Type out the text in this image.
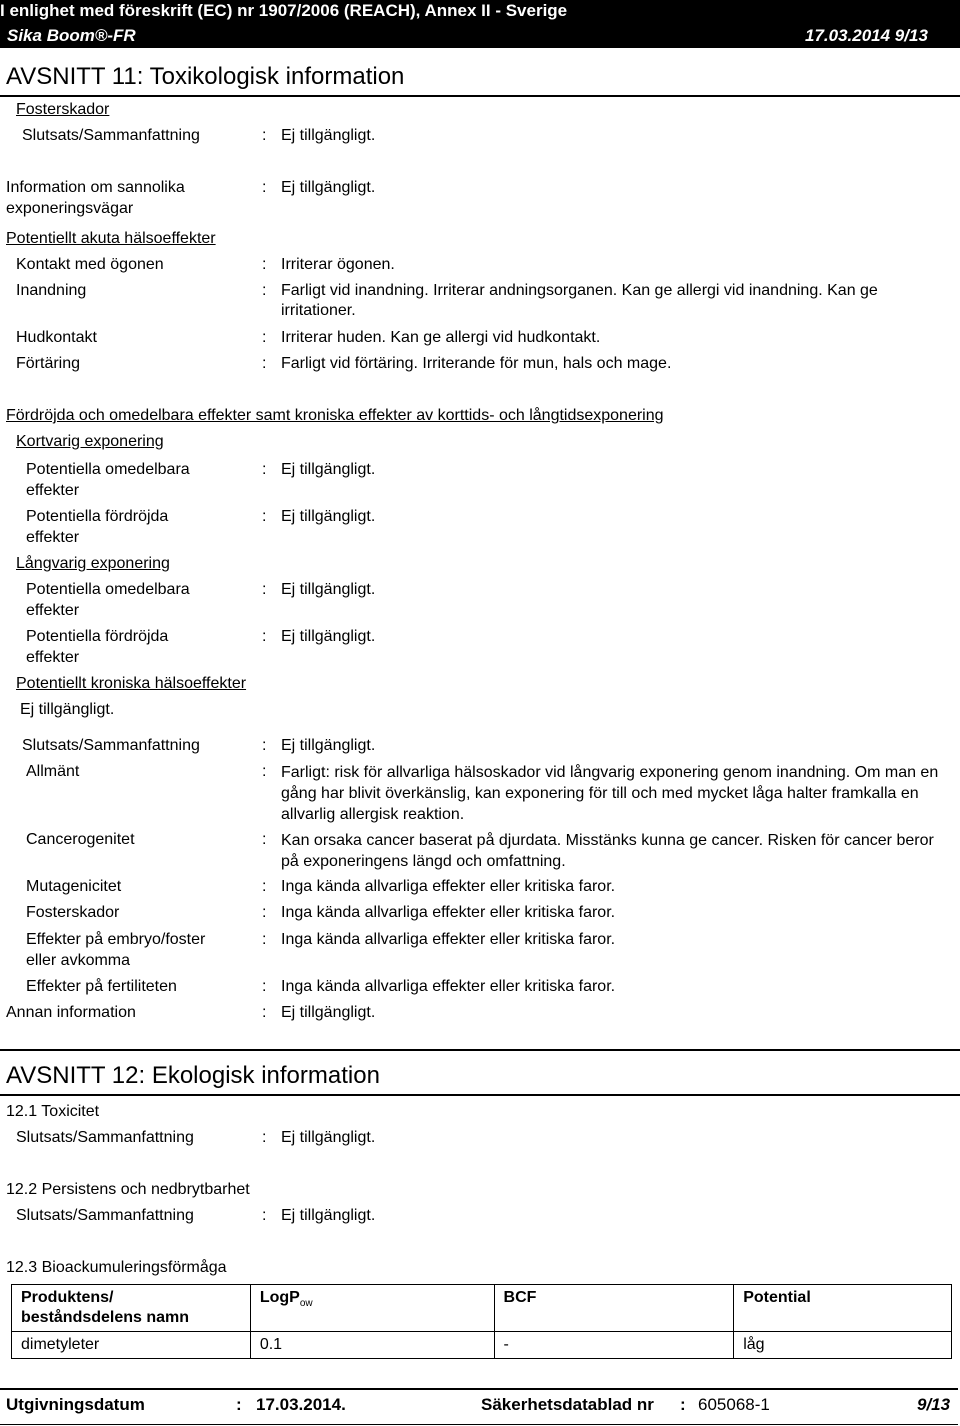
I enlighet med föreskrift (EC) nr 1907/2006 (REACH), Annex II - Sverige
Sika Boom®-FR	17.03.2014 9/13
AVSNITT 11: Toxikologisk information
Fosterskador
Slutsats/Sammanfattning	: Ej tillgängligt.
Information om sannolika
exponeringsvägar
: Ej tillgängligt.
Potentiellt akuta hälsoeffekter
Kontakt med ögonen	: Irriterar ögonen.
Inandning	: Farligt vid inandning. Irriterar andningsorganen. Kan ge allergi vid inandning. Kan ge irritationer.
Hudkontakt	: Irriterar huden. Kan ge allergi vid hudkontakt.
Förtäring	: Farligt vid förtäring. Irriterande för mun, hals och mage.
Fördröjda och omedelbara effekter samt kroniska effekter av korttids- och långtidsexponering
Kortvarig exponering
Potentiella omedelbara
effekter
: Ej tillgängligt.
Potentiella fördröjda
effekter
: Ej tillgängligt.
Långvarig exponering
Potentiella omedelbara
effekter
: Ej tillgängligt.
Potentiella fördröjda
effekter
: Ej tillgängligt.
Potentiellt kroniska hälsoeffekter
Ej tillgängligt.
Slutsats/Sammanfattning	: Ej tillgängligt.
Allmänt	: Farligt: risk för allvarliga hälsoskador vid långvarig exponering genom inandning. Om man en gång har blivit överkänslig, kan exponering för till och med mycket låga halter framkalla en allvarlig allergisk reaktion.
Cancerogenitet	: Kan orsaka cancer baserat på djurdata. Misstänks kunna ge cancer. Risken för cancer beror på exponeringens längd och omfattning.
Mutagenicitet	: Inga kända allvarliga effekter eller kritiska faror.
Fosterskador	: Inga kända allvarliga effekter eller kritiska faror.
Effekter på embryo/foster
eller avkomma
: Inga kända allvarliga effekter eller kritiska faror.
Effekter på fertiliteten	: Inga kända allvarliga effekter eller kritiska faror.
Annan information	: Ej tillgängligt.
AVSNITT 12: Ekologisk information
12.1 Toxicitet
Slutsats/Sammanfattning	: Ej tillgängligt.
12.2 Persistens och nedbrytbarhet
Slutsats/Sammanfattning	: Ej tillgängligt.
12.3 Bioackumuleringsförmåga
Produktens/
beståndsdelens namn	LogP$_{ow}$	BCF	Potential
dimetyleter	0.1	-	låg
Utgivningsdatum	: 17.03.2014.	Säkerhetsdatablad nr : 605068-1	9/13
